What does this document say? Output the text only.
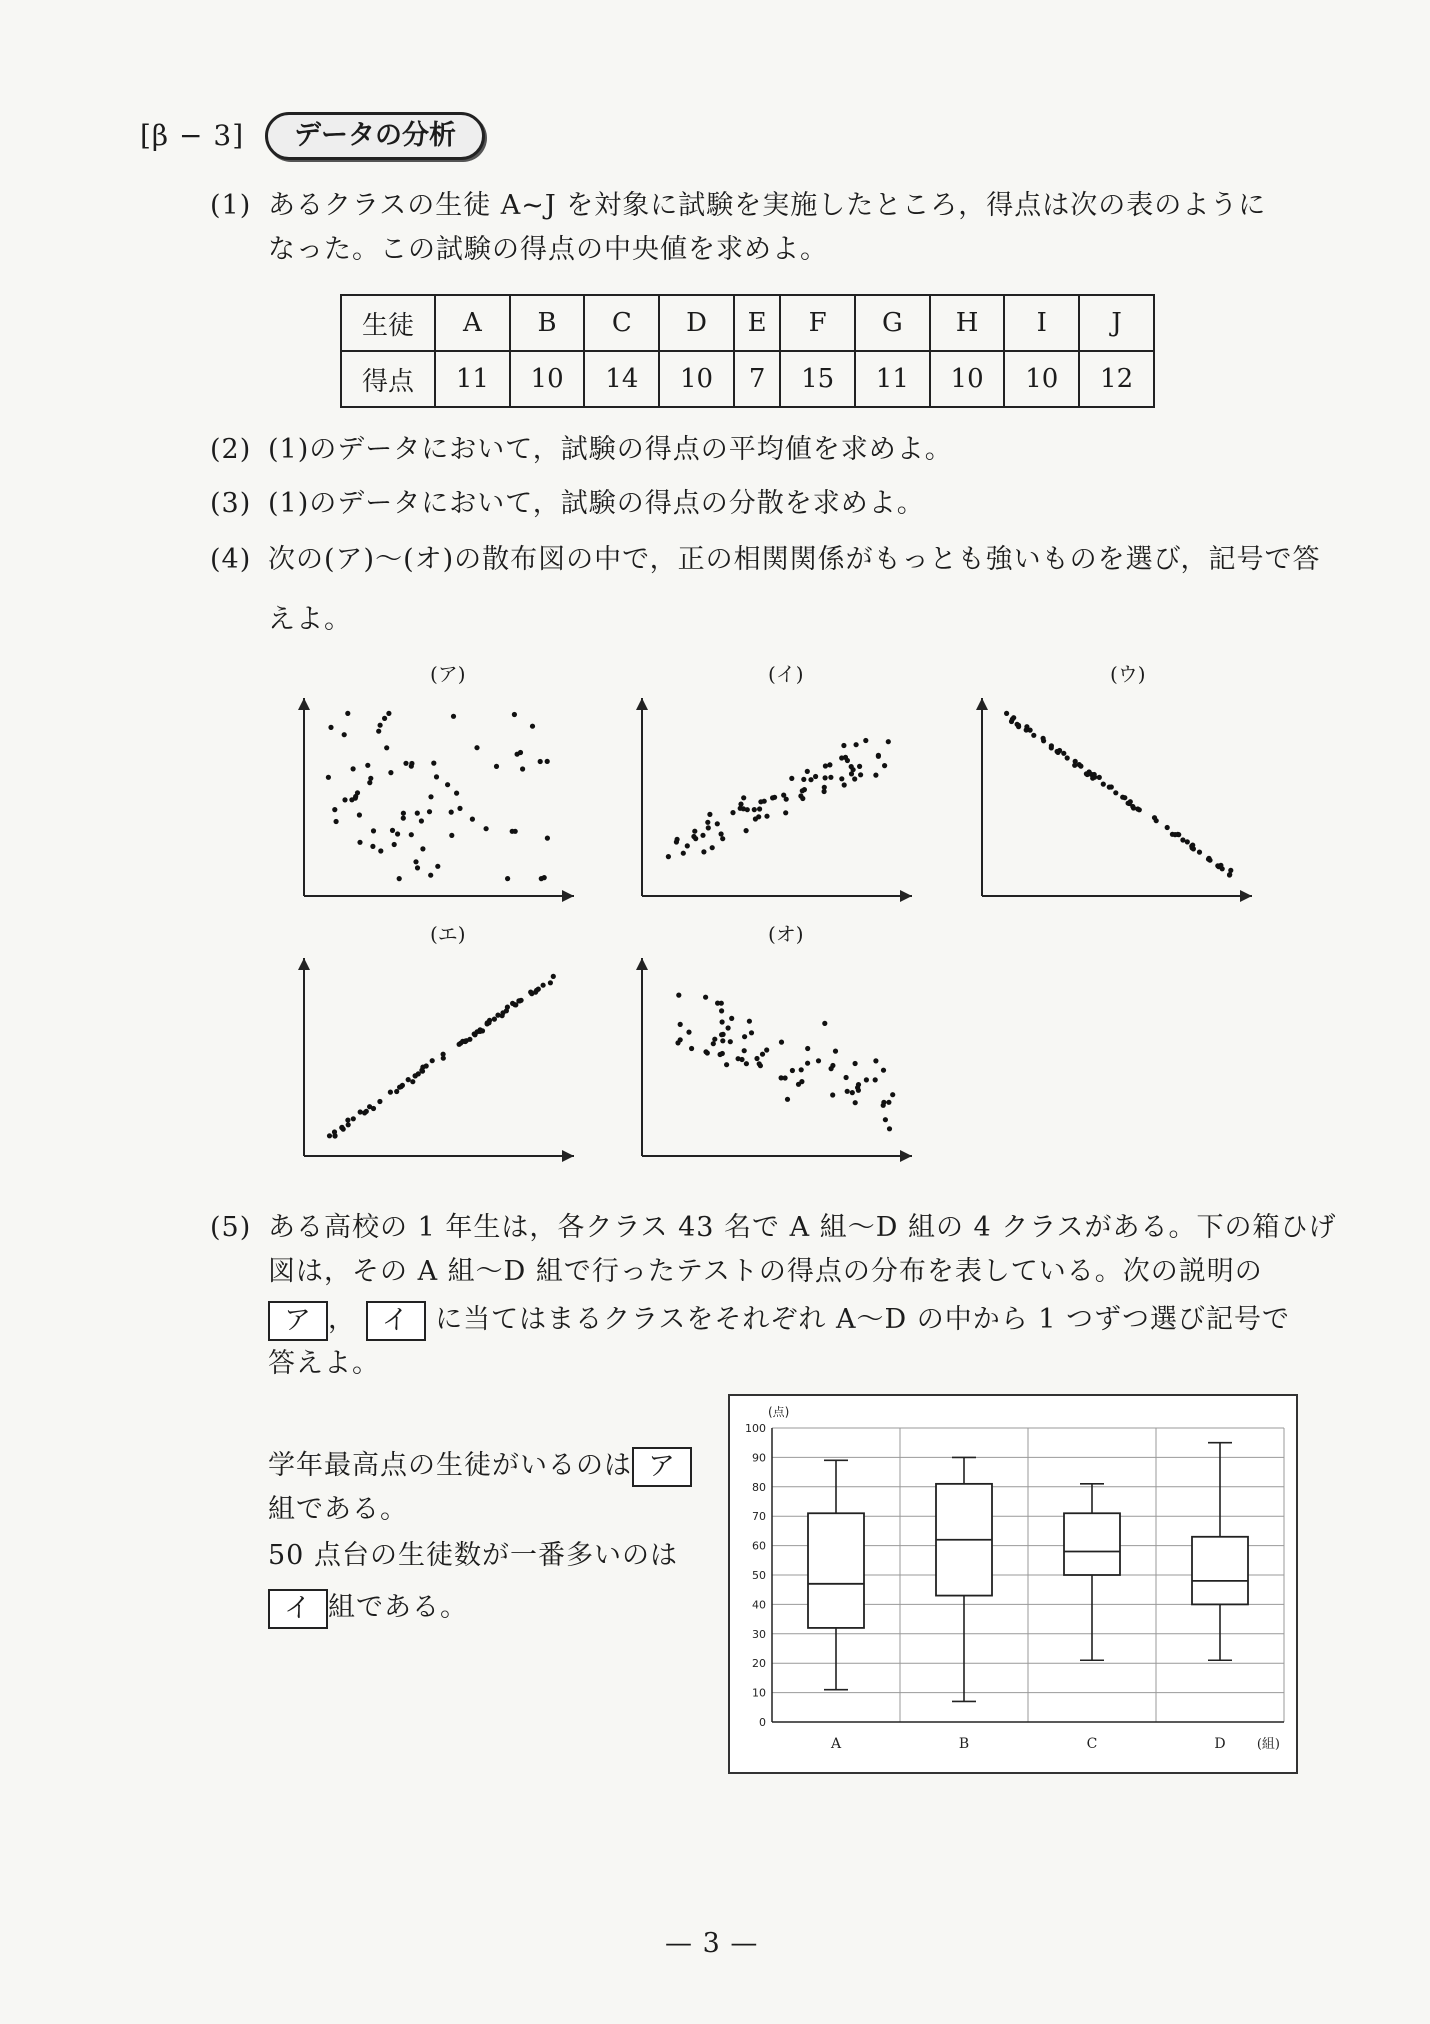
[β − 3]	データの分析
(1) あるクラスの生徒 A~J を対象に試験を実施したところ，得点は次の表のように
なった。この試験の得点の中央値を求めよ。
生徒	A	B	C	D	E	F	G	H	I	J
得点	11	10	14	10	7	15	11	10	10	12
(2) (1)のデータにおいて，試験の得点の平均値を求めよ。
(3) (1)のデータにおいて，試験の得点の分散を求めよ。
(4) 次の(ア)～(オ)の散布図の中で，正の相関関係がもっとも強いものを選び，記号で答
えよ。
(ア)	(イ)	(ウ)
(エ)	(オ)
(5) ある高校の 1 年生は，各クラス 43 名で A 組～D 組の 4 クラスがある。下の箱ひげ
図は，その A 組～D 組で行ったテストの得点の分布を表している。次の説明の
ア ， イ に当てはまるクラスをそれぞれ A～D の中から 1 つずつ選び記号で
答えよ。
学年最高点の生徒がいるのは ア
組である。
50 点台の生徒数が一番多いのは
イ 組である。
0
10
20
30
40
50
60
70
80
90
100
(点)
A	B	C	D (組)
— 3 —
